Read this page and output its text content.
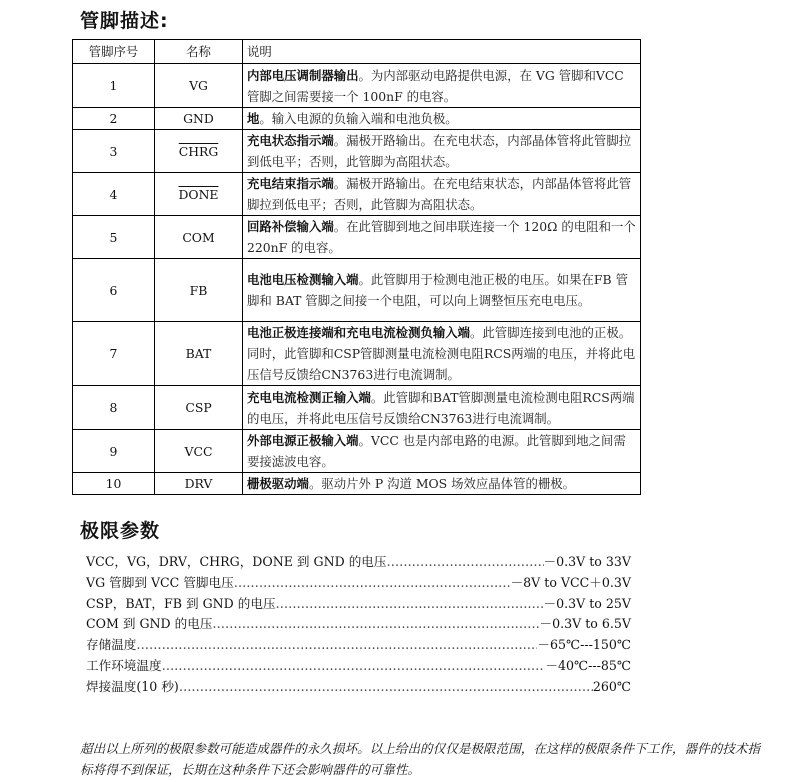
管脚描述:
管脚序号	名称	说明
1	VG	内部电压调制器输出。为内部驱动电路提供电源，在 VG 管脚和VCC 管脚之间需要接一个 100nF 的电容。
2	GND	地。输入电源的负输入端和电池负极。
3	CHRG	充电状态指示端。漏极开路输出。在充电状态，内部晶体管将此管脚拉到低电平；否则，此管脚为高阻状态。
4	DONE	充电结束指示端。漏极开路输出。在充电结束状态，内部晶体管将此管脚拉到低电平；否则，此管脚为高阻状态。
5	COM	回路补偿输入端。在此管脚到地之间串联连接一个 120Ω 的电阻和一个 220nF 的电容。
6	FB	电池电压检测输入端。此管脚用于检测电池正极的电压。如果在FB 管脚和 BAT 管脚之间接一个电阻，可以向上调整恒压充电电压。
7	BAT	电池正极连接端和充电电流检测负输入端。此管脚连接到电池的正极。同时，此管脚和CSP管脚测量电流检测电阻RCS两端的电压，并将此电压信号反馈给CN3763进行电流调制。
8	CSP	充电电流检测正输入端。此管脚和BAT管脚测量电流检测电阻RCS两端的电压，并将此电压信号反馈给CN3763进行电流调制。
9	VCC	外部电源正极输入端。VCC 也是内部电路的电源。此管脚到地之间需要接滤波电容。
10	DRV	栅极驱动端。驱动片外 P 沟道 MOS 场效应晶体管的栅极。
极限参数
VCC，VG，DRV，CHRG，DONE 到 GND 的电压 ………………………………………………………………………………………………………………………………………………	－0.3V to 33V
VG 管脚到 VCC 管脚电压 ………………………………………………………………………………………………………………………………………………	－8V to VCC＋0.3V
CSP，BAT，FB 到 GND 的电压 ………………………………………………………………………………………………………………………………………………	－0.3V to 25V
COM 到 GND 的电压 ………………………………………………………………………………………………………………………………………………	－0.3V to 6.5V
存储温度 ………………………………………………………………………………………………………………………………………………	－65℃---150℃
工作环境温度 ………………………………………………………………………………………………………………………………………………	－40℃---85℃
焊接温度(10 秒) ………………………………………………………………………………………………………………………………………………	260℃

超出以上所列的极限参数可能造成器件的永久损坏。以上给出的仅仅是极限范围，在这样的极限条件下工作，器件的技术指标将得不到保证，长期在这种条件下还会影响器件的可靠性。
